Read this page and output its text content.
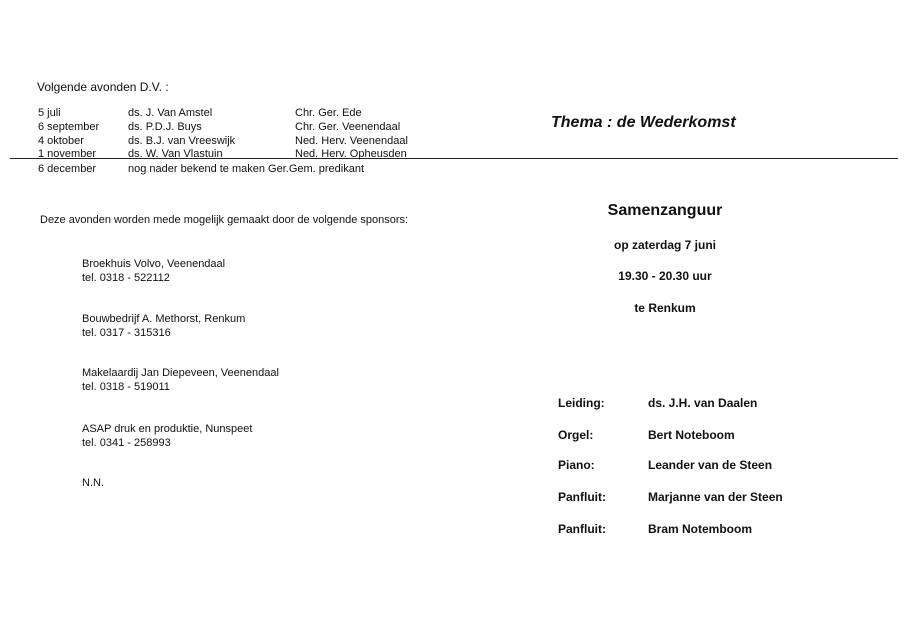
Volgende avonden D.V. :
5 juli	ds. J. Van Amstel	Chr. Ger. Ede
6 september	ds. P.D.J. Buys	Chr. Ger. Veenendaal
4 oktober	ds. B.J. van Vreeswijk	Ned. Herv. Veenendaal
1 november	ds. W. Van Vlastuin	Ned. Herv. Opheusden
6 december	nog nader bekend te maken Ger.Gem. predikant
Deze avonden worden mede mogelijk gemaakt door de volgende sponsors:
Broekhuis Volvo, Veenendaal
tel. 0318 - 522112
Bouwbedrijf A. Methorst, Renkum
tel. 0317 - 315316
Makelaardij Jan Diepeveen, Veenendaal
tel. 0318 - 519011
ASAP druk en produktie, Nunspeet
tel. 0341 - 258993
N.N.
Thema : de Wederkomst
Samenzanguur
op zaterdag 7 juni
19.30 - 20.30 uur
te Renkum
Leiding:	ds. J.H. van Daalen
Orgel:	Bert Noteboom
Piano:	Leander van de Steen
Panfluit:	Marjanne van der Steen
Panfluit:	Bram Notemboom
